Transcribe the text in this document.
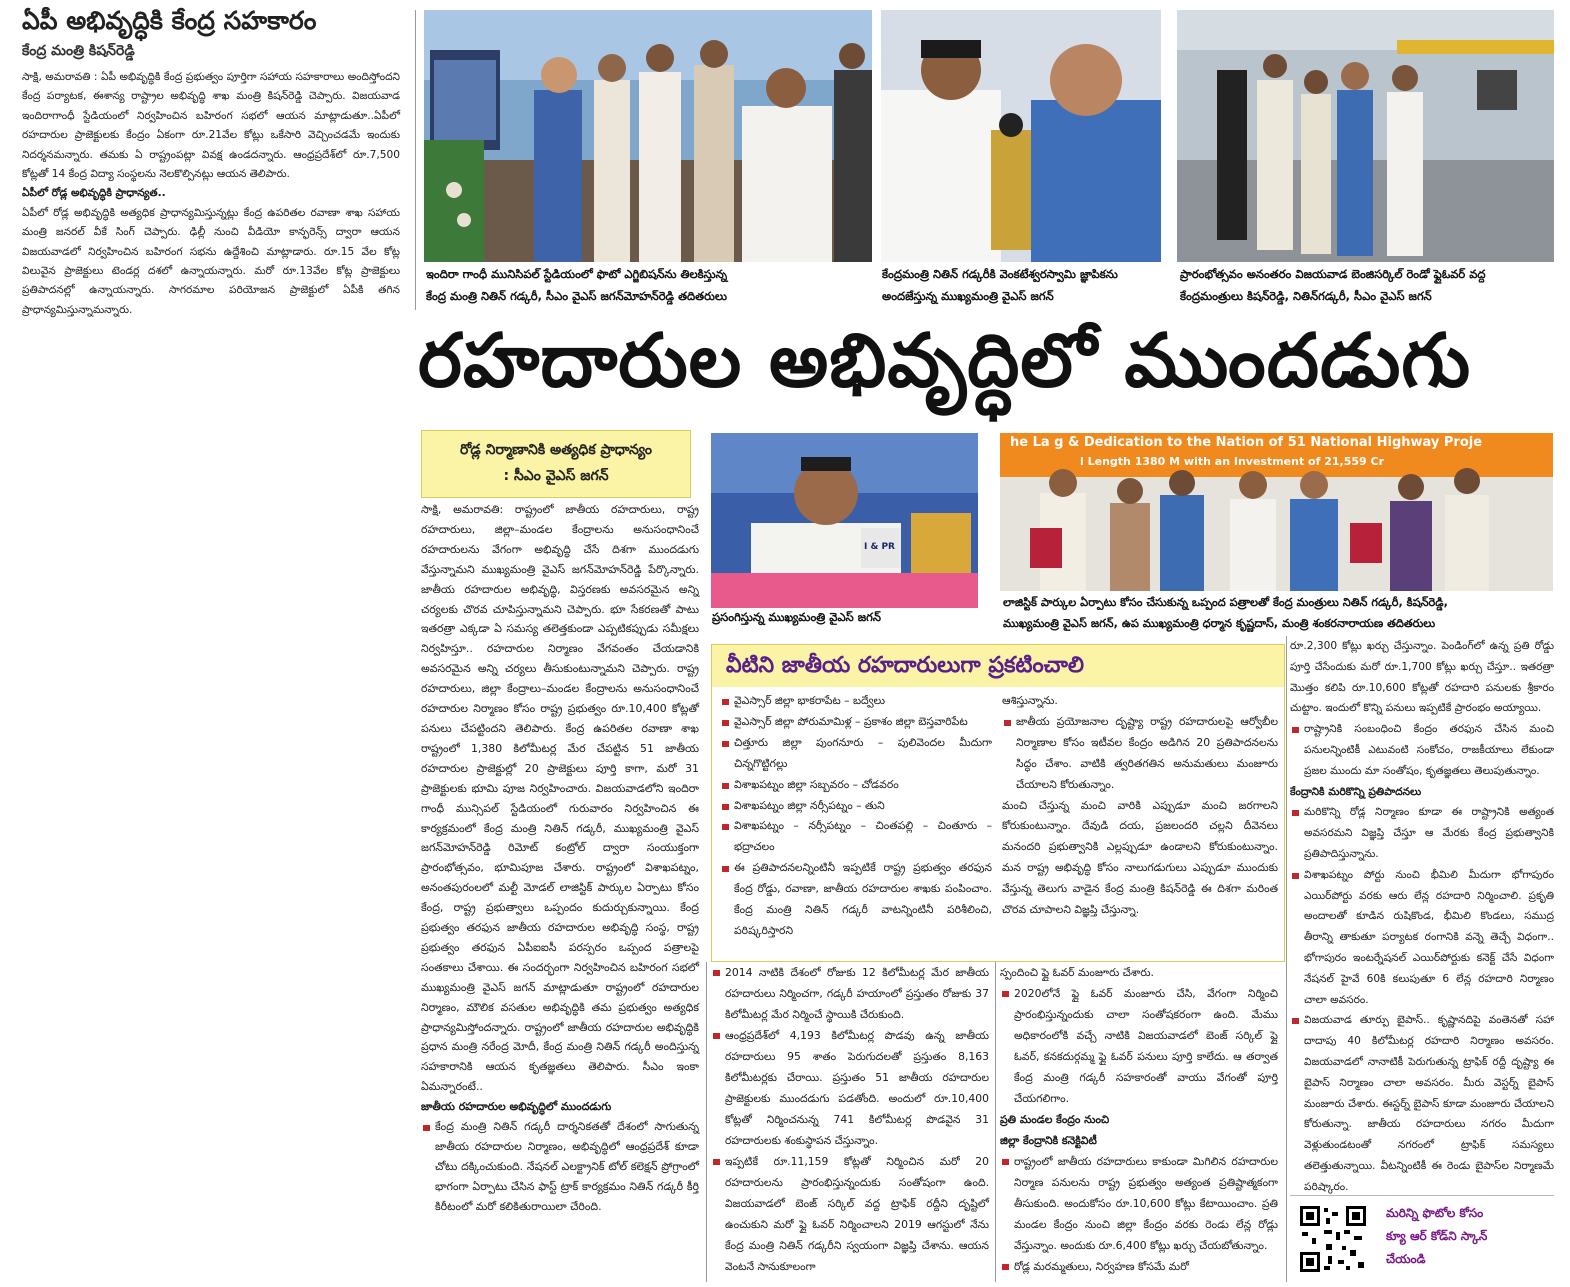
ఏపీ అభివృద్ధికి కేంద్ర సహకారం
కేంద్ర మంత్రి కిషన్‌రెడ్డి

సాక్షి, అమరావతి : ఏపీ అభివృద్ధికి కేంద్ర ప్రభుత్వం పూర్తిగా సహాయ సహకారాలు అందిస్తోందని కేంద్ర పర్యాటక, ఈశాన్య రాష్ట్రాల అభివృద్ధి శాఖ మంత్రి కిషన్‌రెడ్డి చెప్పారు. విజయవాడ ఇందిరాగాంధీ స్టేడియంలో నిర్వహించిన బహిరంగ సభలో ఆయన మాట్లాడుతూ..ఏపీలో రహదారుల ప్రాజెక్టులకు కేంద్రం ఏకంగా రూ.21వేల కోట్లు ఒకేసారి వెచ్చించడమే ఇందుకు నిదర్శనమన్నారు. తమకు ఏ రాష్ట్రంపట్లా వివక్ష ఉండదన్నారు. ఆంధ్రప్రదేశ్‌లో రూ.7,500 కోట్లతో 14 కేంద్ర విద్యా సంస్థలను నెలకొల్పినట్లు ఆయన తెలిపారు.

ఏపీలో రోడ్ల అభివృద్ధికి ప్రాధాన్యత..

ఏపీలో రోడ్ల అభివృద్ధికి అత్యధిక ప్రాధాన్యమిస్తున్నట్లు కేంద్ర ఉపరితల రవాణా శాఖ సహాయ మంత్రి జనరల్ వీకే సింగ్ చెప్పారు. ఢిల్లీ నుంచి వీడియో కాన్ఫరెన్స్ ద్వారా ఆయన విజయవాడలో నిర్వహించిన బహిరంగ సభను ఉద్దేశించి మాట్లాడారు. రూ.15 వేల కోట్ల విలువైన ప్రాజెక్టులు టెండర్ల దశలో ఉన్నాయన్నారు. మరో రూ.13వేల కోట్ల ప్రాజెక్టులు ప్రతిపాదనల్లో ఉన్నాయన్నారు. సాగరమాల పరియోజన ప్రాజెక్టులో ఏపీకి తగిన ప్రాధాన్యమిస్తున్నామన్నారు.

ఇందిరా గాంధీ మునిసిపల్ స్టేడియంలో ఫొటో ఎగ్జిబిషన్‌ను తిలకిస్తున్న
కేంద్ర మంత్రి నితిన్ గడ్కరీ, సీఎం వైఎస్ జగన్‌మోహన్‌రెడ్డి తదితరులు
కేంద్రమంత్రి నితిన్ గడ్కరీకి వెంకటేశ్వరస్వామి జ్ఞాపికను
అందజేస్తున్న ముఖ్యమంత్రి వైఎస్ జగన్
ప్రారంభోత్సవం అనంతరం విజయవాడ బెంజిసర్కిల్ రెండో ఫ్లైఓవర్ వద్ద
కేంద్రమంత్రులు కిషన్‌రెడ్డి, నితిన్‌గడ్కరీ, సీఎం వైఎస్ జగన్
రహదారుల అభివృద్ధిలో ముందడుగు
రోడ్ల నిర్మాణానికి అత్యధిక ప్రాధాన్యం
: సీఎం వైఎస్ జగన్

సాక్షి, అమరావతి: రాష్ట్రంలో జాతీయ రహదారులు, రాష్ట్ర రహదారులు, జిల్లా–మండల కేంద్రాలను అనుసంధానించే రహదారులను వేగంగా అభివృద్ధి చేసే దిశగా ముందడుగు వేస్తున్నామని ముఖ్యమంత్రి వైఎస్ జగన్‌మోహన్‌రెడ్డి పేర్కొన్నారు. జాతీయ రహదారుల అభివృద్ధి, విస్తరణకు అవసరమైన అన్ని చర్యలకు చొరవ చూపిస్తున్నామని చెప్పారు. భూ సేకరణతో పాటు ఇతరత్రా ఎక్కడా ఏ సమస్య తలెత్తకుండా ఎప్పటికప్పుడు సమీక్షలు నిర్వహిస్తూ.. రహదారుల నిర్మాణం వేగవంతం చేయడానికి అవసరమైన అన్ని చర్యలు తీసుకుంటున్నామని చెప్పారు. రాష్ట్ర రహదారులు, జిల్లా కేంద్రాలు–మండల కేంద్రాలను అనుసంధానించే రహదారుల నిర్మాణం కోసం రాష్ట్ర ప్రభుత్వం రూ.10,400 కోట్లతో పనులు చేపట్టిందని తెలిపారు. కేంద్ర ఉపరితల రవాణా శాఖ రాష్ట్రంలో 1,380 కిలోమీటర్ల మేర చేపట్టిన 51 జాతీయ రహదారుల ప్రాజెక్టుల్లో 20 ప్రాజెక్టులు పూర్తి కాగా, మరో 31 ప్రాజెక్టులకు భూమి పూజ నిర్వహించారు. విజయవాడలోని ఇందిరా గాంధీ మున్సిపల్ స్టేడియంలో గురువారం నిర్వహించిన ఈ కార్యక్రమంలో కేంద్ర మంత్రి నితిన్ గడ్కరీ, ముఖ్యమంత్రి వైఎస్ జగన్‌మోహన్‌రెడ్డి రిమోట్ కంట్రోల్ ద్వారా సంయుక్తంగా ప్రారంభోత్సవం, భూమిపూజ చేశారు. రాష్ట్రంలో విశాఖపట్నం, అనంతపురంలలో మల్టీ మోడల్ లాజిస్టిక్ పార్కుల ఏర్పాటు కోసం కేంద్ర, రాష్ట్ర ప్రభుత్వాలు ఒప్పందం కుదుర్చుకున్నాయి. కేంద్ర ప్రభుత్వం తరఫున జాతీయ రహదారుల అభివృద్ధి సంస్థ, రాష్ట్ర ప్రభుత్వం తరఫున ఏపీఐఐసీ పరస్పరం ఒప్పంద పత్రాలపై సంతకాలు చేశాయి. ఈ సందర్భంగా నిర్వహించిన బహిరంగ సభలో ముఖ్యమంత్రి వైఎస్ జగన్ మాట్లాడుతూ రాష్ట్రంలో రహదారుల నిర్మాణం, మౌలిక వసతుల అభివృద్ధికి తమ ప్రభుత్వం అత్యధిక ప్రాధాన్యమిస్తోందన్నారు. రాష్ట్రంలో జాతీయ రహదారుల అభివృద్ధికి ప్రధాన మంత్రి నరేంద్ర మోదీ, కేంద్ర మంత్రి నితిన్ గడ్కరీ అందిస్తున్న సహకారానికి ఆయన కృతజ్ఞతలు తెలిపారు. సీఎం ఇంకా ఏమన్నారంటే..

జాతీయ రహదారుల అభివృద్ధిలో ముందడుగు

కేంద్ర మంత్రి నితిన్ గడ్కరీ దార్శనికతతో దేశంలో సాగుతున్న జాతీయ రహదారుల నిర్మాణం, అభివృద్ధిలో ఆంధ్రప్రదేశ్ కూడా చోటు దక్కించుకుంది. నేషనల్ ఎలక్ట్రానిక్ టోల్ కలెక్షన్ ప్రోగ్రాంలో భాగంగా ఏర్పాటు చేసిన ఫాస్ట్ ట్రాక్ కార్యక్రమం నితిన్ గడ్కరీ కీర్తి కిరీటంలో మరో కలికితురాయిలా చేరింది.
I & PR
ప్రసంగిస్తున్న ముఖ్యమంత్రి వైఎస్ జగన్
he La g & Dedication to the Nation of 51 National Highway Proje
l Length 1380 M with an Investment of 21,559 Cr
లాజిస్టిక్ పార్కుల ఏర్పాటు కోసం చేసుకున్న ఒప్పంద పత్రాలతో కేంద్ర మంత్రులు నితిన్ గడ్కరీ, కిషన్‌రెడ్డి,
ముఖ్యమంత్రి వైఎస్ జగన్, ఉప ముఖ్యమంత్రి ధర్మాన కృష్ణదాస్, మంత్రి శంకరనారాయణ తదితరులు
వీటిని జాతీయ రహదారులుగా ప్రకటించాలి
వైఎస్సార్ జిల్లా భాకరాపేట – బద్వేలు
వైఎస్సార్ జిల్లా పోరుమామిళ్ల – ప్రకాశం జిల్లా బెస్తవారిపేట
చిత్తూరు జిల్లా పుంగనూరు – పులివెందల మీదుగా చిన్నగొట్టిగల్లు
విశాఖపట్నం జిల్లా సబ్బవరం – చోడవరం
విశాఖపట్నం జిల్లా నర్సీపట్నం – తుని
విశాఖపట్నం – నర్సీపట్నం – చింతపల్లి – చింతూరు – భద్రాచలం
ఈ ప్రతిపాదనలన్నింటినీ ఇప్పటికే రాష్ట్ర ప్రభుత్వం తరఫున కేంద్ర రోడ్డు, రవాణా, జాతీయ రహదారుల శాఖకు పంపించాం. కేంద్ర మంత్రి నితిన్ గడ్కరీ వాటన్నింటినీ పరిశీలించి, పరిష్కరిస్తారని

ఆశిస్తున్నాను.

జాతీయ ప్రయోజనాల దృష్ట్యా రాష్ట్ర రహదారులపై ఆర్వోబీల నిర్మాణాల కోసం ఇటీవల కేంద్రం అడిగిన 20 ప్రతిపాదనలను సిద్ధం చేశాం. వాటికి త్వరితగతిన అనుమతులు మంజూరు చేయాలని కోరుతున్నాం.

మంచి చేస్తున్న మంచి వారికి ఎప్పుడూ మంచి జరగాలని కోరుకుంటున్నాం. దేవుడి దయ, ప్రజలందరి చల్లని దీవెనలు మనందరి ప్రభుత్వానికి ఎల్లప్పుడూ ఉండాలని కోరుకుంటున్నాం. మన రాష్ట్ర అభివృద్ధి కోసం నాలుగడుగులు ఎప్పుడూ ముందుకు వేస్తున్న తెలుగు వాడైన కేంద్ర మంత్రి కిషన్‌రెడ్డి ఈ దిశగా మరింత చొరవ చూపాలని విజ్ఞప్తి చేస్తున్నా.

2014 నాటికి దేశంలో రోజుకు 12 కిలోమీటర్ల మేర జాతీయ రహదారులు నిర్మించగా, గడ్కరీ హయాంలో ప్రస్తుతం రోజుకు 37 కిలోమీటర్ల మేర నిర్మించే స్థాయికి చేరుకుంది.
ఆంధ్రప్రదేశ్‌లో 4,193 కిలోమీటర్ల పొడవు ఉన్న జాతీయ రహదారులు 95 శాతం పెరుగుదలతో ప్రస్తుతం 8,163 కిలోమీటర్లకు చేరాయి. ప్రస్తుతం 51 జాతీయ రహదారుల ప్రాజెక్టులకు ముందడుగు పడతోంది. అందులో రూ.10,400 కోట్లతో నిర్మించనున్న 741 కిలోమీటర్ల పొడవైన 31 రహదారులకు శంకుస్థాపన చేస్తున్నాం.
ఇప్పటికే రూ.11,159 కోట్లతో నిర్మించిన మరో 20 రహదారులను ప్రారంభిస్తున్నందుకు సంతోషంగా ఉంది. విజయవాడలో బెంజ్ సర్కిల్ వద్ద ట్రాఫిక్ రద్దీని దృష్టిలో ఉంచుకుని మరో ఫ్లై ఓవర్ నిర్మించాలని 2019 ఆగస్టులో నేను కేంద్ర మంత్రి నితిన్ గడ్కరీని స్వయంగా విజ్ఞప్తి చేశాను. ఆయన వెంటనే సానుకూలంగా

స్పందించి ఫ్లై ఓవర్ మంజూరు చేశారు.

2020లోనే ఫ్లై ఓవర్ మంజూరు చేసి, వేగంగా నిర్మించి ప్రారంభిస్తున్నందుకు చాలా సంతోషకరంగా ఉంది. మేము అధికారంలోకి వచ్చే నాటికి విజయవాడలో బెంజ్ సర్కిల్ ఫ్లై ఓవర్, కనకదుర్గమ్మ ఫ్లై ఓవర్ పనులు పూర్తి కాలేదు. ఆ తర్వాత కేంద్ర మంత్రి గడ్కరీ సహకారంతో వాయు వేగంతో పూర్తి చేయగలిగాం.

ప్రతి మండల కేంద్రం నుంచి

జిల్లా కేంద్రానికి కనెక్టివిటీ

రాష్ట్రంలో జాతీయ రహదారులు కాకుండా మిగిలిన రహదారుల నిర్మాణ పనులను రాష్ట్ర ప్రభుత్వం అత్యంత ప్రతిష్టాత్మకంగా తీసుకుంది. అందుకోసం రూ.10,600 కోట్లు కేటాయించాం. ప్రతి మండల కేంద్రం నుంచి జిల్లా కేంద్రం వరకు రెండు లేన్ల రోడ్లు వేస్తున్నాం. అందుకు రూ.6,400 కోట్లు ఖర్చు చేయబోతున్నాం.
రోడ్ల మరమ్మతులు, నిర్వహణ కోసమే మరో

రూ.2,300 కోట్లు ఖర్చు చేస్తున్నాం. పెండింగ్‌లో ఉన్న ప్రతి రోడ్డు పూర్తి చేసేందుకు మరో రూ.1,700 కోట్లు ఖర్చు చేస్తూ.. ఇతరత్రా మొత్తం కలిపి రూ.10,600 కోట్లతో రహదారి పనులకు శ్రీకారం చుట్టాం. ఇందులో కొన్ని పనులు ఇప్పటికే ప్రారంభం అయ్యాయి.

రాష్ట్రానికి సంబంధించి కేంద్రం తరఫున చేసిన మంచి పనులన్నింటికీ ఎటువంటి సంకోచం, రాజకీయాలు లేకుండా ప్రజల ముందు మా సంతోషం, కృతజ్ఞతలు తెలుపుతున్నాం.

కేంద్రానికి మరికొన్ని ప్రతిపాదనలు

మరికొన్ని రోడ్ల నిర్మాణం కూడా ఈ రాష్ట్రానికి అత్యంత అవసరమని విజ్ఞప్తి చేస్తూ ఆ మేరకు కేంద్ర ప్రభుత్వానికి ప్రతిపాదిస్తున్నాను.
విశాఖపట్నం పోర్టు నుంచి భీమిలి మీదుగా భోగాపురం ఎయిర్‌పోర్టు వరకు ఆరు లేన్ల రహదారి నిర్మించాలి. ప్రకృతి అందాలతో కూడిన రుషికొండ, భీమిలి కొండలు, సముద్ర తీరాన్ని తాకుతూ పర్యాటక రంగానికి వన్నె తెచ్చే విధంగా.. భోగాపురం ఇంటర్నేషనల్ ఎయిర్‌పోర్టుకు కనెక్ట్ చేసే విధంగా నేషనల్ హైవే 60కి కలుపుతూ 6 లేన్ల రహదారి నిర్మాణం చాలా అవసరం.
విజయవాడ తూర్పు బైపాస్.. కృష్ణానదిపై వంతెనతో సహా దాదాపు 40 కిలోమీటర్ల రహదారి నిర్మాణం అవసరం. విజయవాడలో నానాటికీ పెరుగుతున్న ట్రాఫిక్ రద్దీ దృష్ట్యా ఈ బైపాస్ నిర్మాణం చాలా అవసరం. మీరు వెస్టర్న్ బైపాస్ మంజూరు చేశారు. ఈస్టర్న్ బైపాస్ కూడా మంజూరు చేయాలని కోరుతున్నా. జాతీయ రహదారులు నగరం మీదుగా వెళ్లుతుండటంతో నగరంలో ట్రాఫిక్ సమస్యలు తలెత్తుతున్నాయి. వీటన్నింటికీ ఈ రెండు బైపాస్‌ల నిర్మాణమే పరిష్కారం.
మరిన్ని ఫొటోల కోసం
క్యూ ఆర్ కోడ్‌ని స్కాన్
చేయండి
